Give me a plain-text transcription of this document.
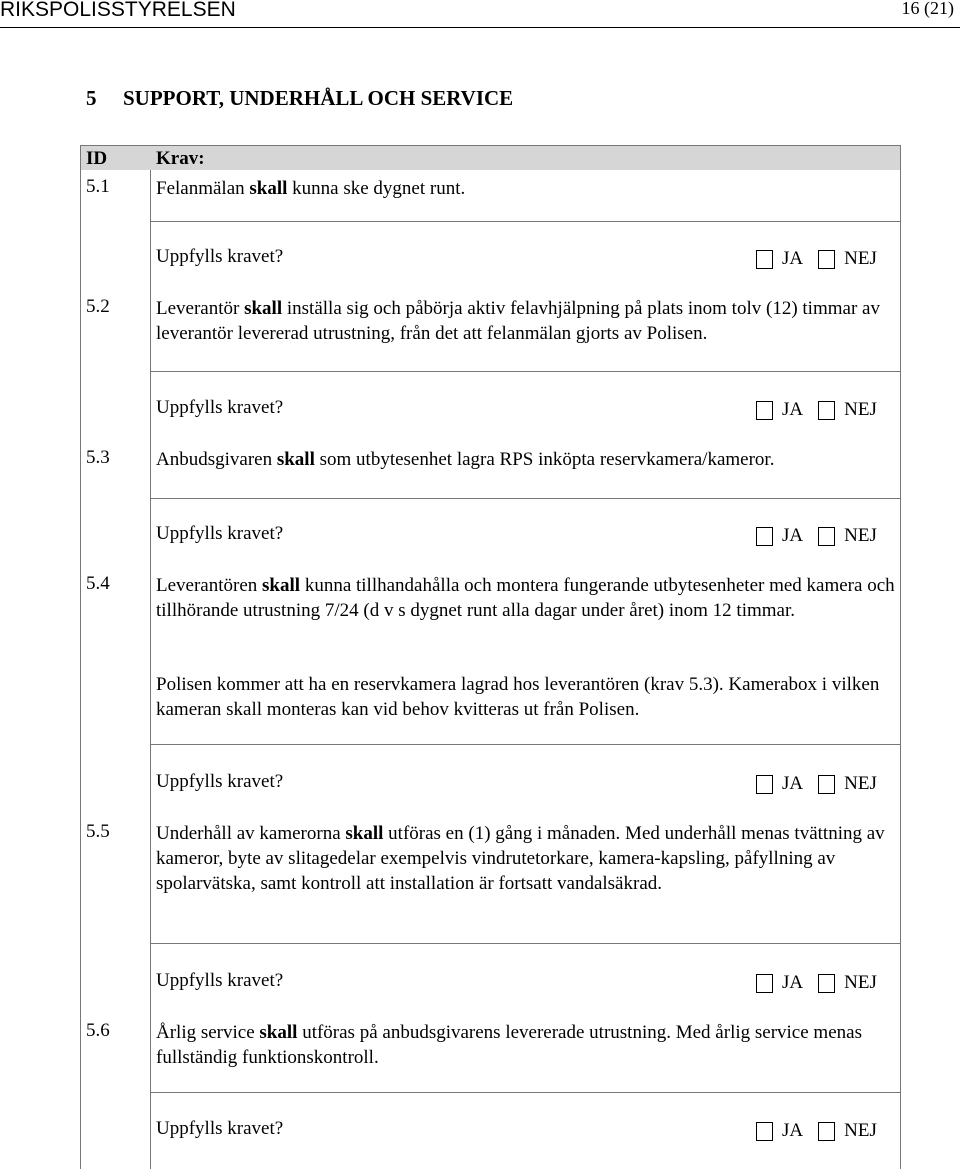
RIKSPOLISSTYRELSEN	16 (21)
5 SUPPORT, UNDERHÅLL OCH SERVICE
ID	Krav:
5.1 Felanmälan skall kunna ske dygnet runt.
Uppfylls kravet?	JA NEJ
5.2 Leverantör skall inställa sig och påbörja aktiv felavhjälpning på plats inom tolv (12) timmar av leverantör levererad utrustning, från det att felanmälan gjorts av Polisen.
Uppfylls kravet?	JA NEJ
5.3 Anbudsgivaren skall som utbytesenhet lagra RPS inköpta reservkamera/kameror.
Uppfylls kravet?	JA NEJ
5.4 Leverantören skall kunna tillhandahålla och montera fungerande utbytesenheter med kamera och tillhörande utrustning 7/24 (d v s dygnet runt alla dagar under året) inom 12 timmar.
Polisen kommer att ha en reservkamera lagrad hos leverantören (krav 5.3). Kamerabox i vilken kameran skall monteras kan vid behov kvitteras ut från Polisen.
Uppfylls kravet?	JA NEJ
5.5 Underhåll av kamerorna skall utföras en (1) gång i månaden. Med underhåll menas tvättning av kameror, byte av slitagedelar exempelvis vindrutetorkare, kamera-kapsling, påfyllning av spolarvätska, samt kontroll att installation är fortsatt vandalsäkrad.
Uppfylls kravet?	JA NEJ
5.6 Årlig service skall utföras på anbudsgivarens levererade utrustning. Med årlig service menas fullständig funktionskontroll.
Uppfylls kravet?	JA NEJ
